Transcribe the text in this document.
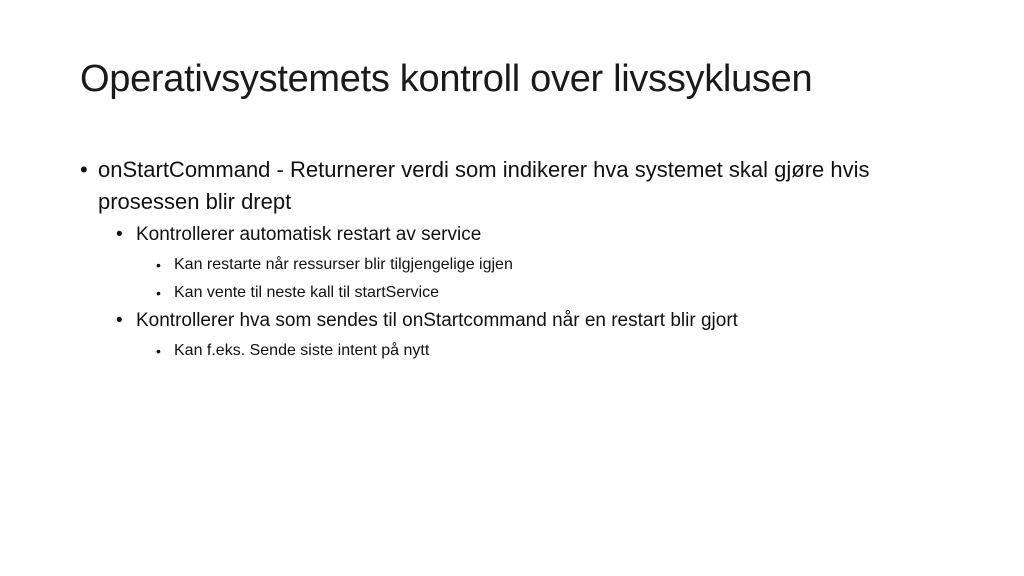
Operativsystemets kontroll over livssyklusen
• onStartCommand - Returnerer verdi som indikerer hva systemet skal gjøre hvis prosessen blir drept
• Kontrollerer automatisk restart av service
• Kan restarte når ressurser blir tilgjengelige igjen
• Kan vente til neste kall til startService
• Kontrollerer hva som sendes til onStartcommand når en restart blir gjort
• Kan f.eks. Sende siste intent på nytt
